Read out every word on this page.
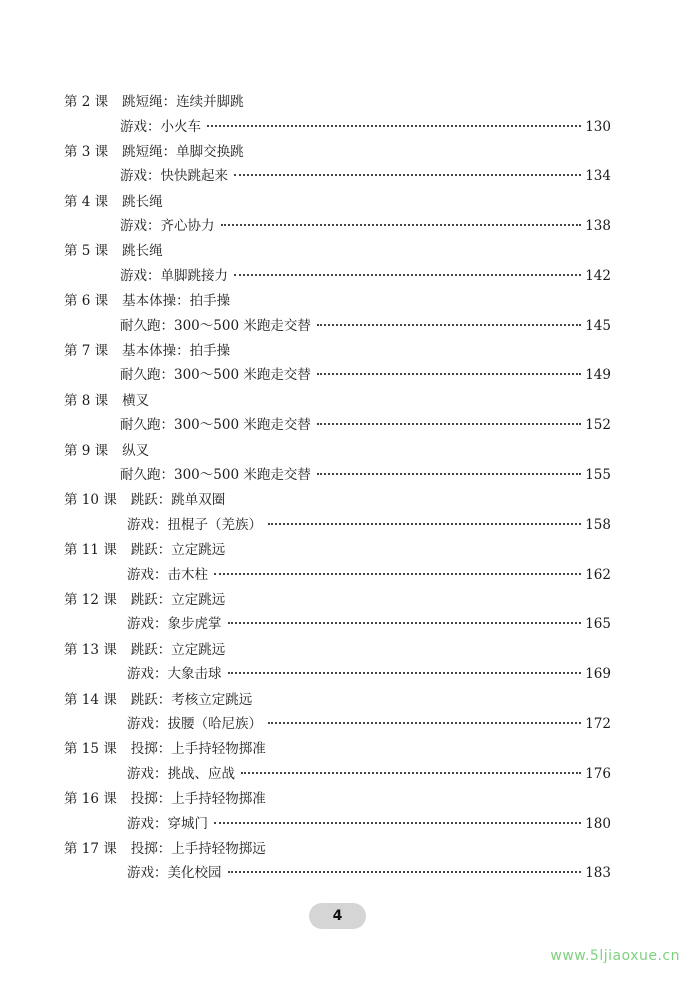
第 2 课 跳短绳：连续并脚跳
游戏：小火车	130
第 3 课 跳短绳：单脚交换跳
游戏：快快跳起来	134
第 4 课 跳长绳
游戏：齐心协力	138
第 5 课 跳长绳
游戏：单脚跳接力	142
第 6 课 基本体操：拍手操
耐久跑：300～500 米跑走交替	145
第 7 课 基本体操：拍手操
耐久跑：300～500 米跑走交替	149
第 8 课 横叉
耐久跑：300～500 米跑走交替	152
第 9 课 纵叉
耐久跑：300～500 米跑走交替	155
第 10 课 跳跃：跳单双圈
游戏：扭棍子（羌族）	158
第 11 课 跳跃：立定跳远
游戏：击木柱	162
第 12 课 跳跃：立定跳远
游戏：象步虎掌	165
第 13 课 跳跃：立定跳远
游戏：大象击球	169
第 14 课 跳跃：考核立定跳远
游戏：拔腰（哈尼族）	172
第 15 课 投掷：上手持轻物掷准
游戏：挑战、应战	176
第 16 课 投掷：上手持轻物掷准
游戏：穿城门	180
第 17 课 投掷：上手持轻物掷远
游戏：美化校园	183
4
www.5ljiaoxue.cn
